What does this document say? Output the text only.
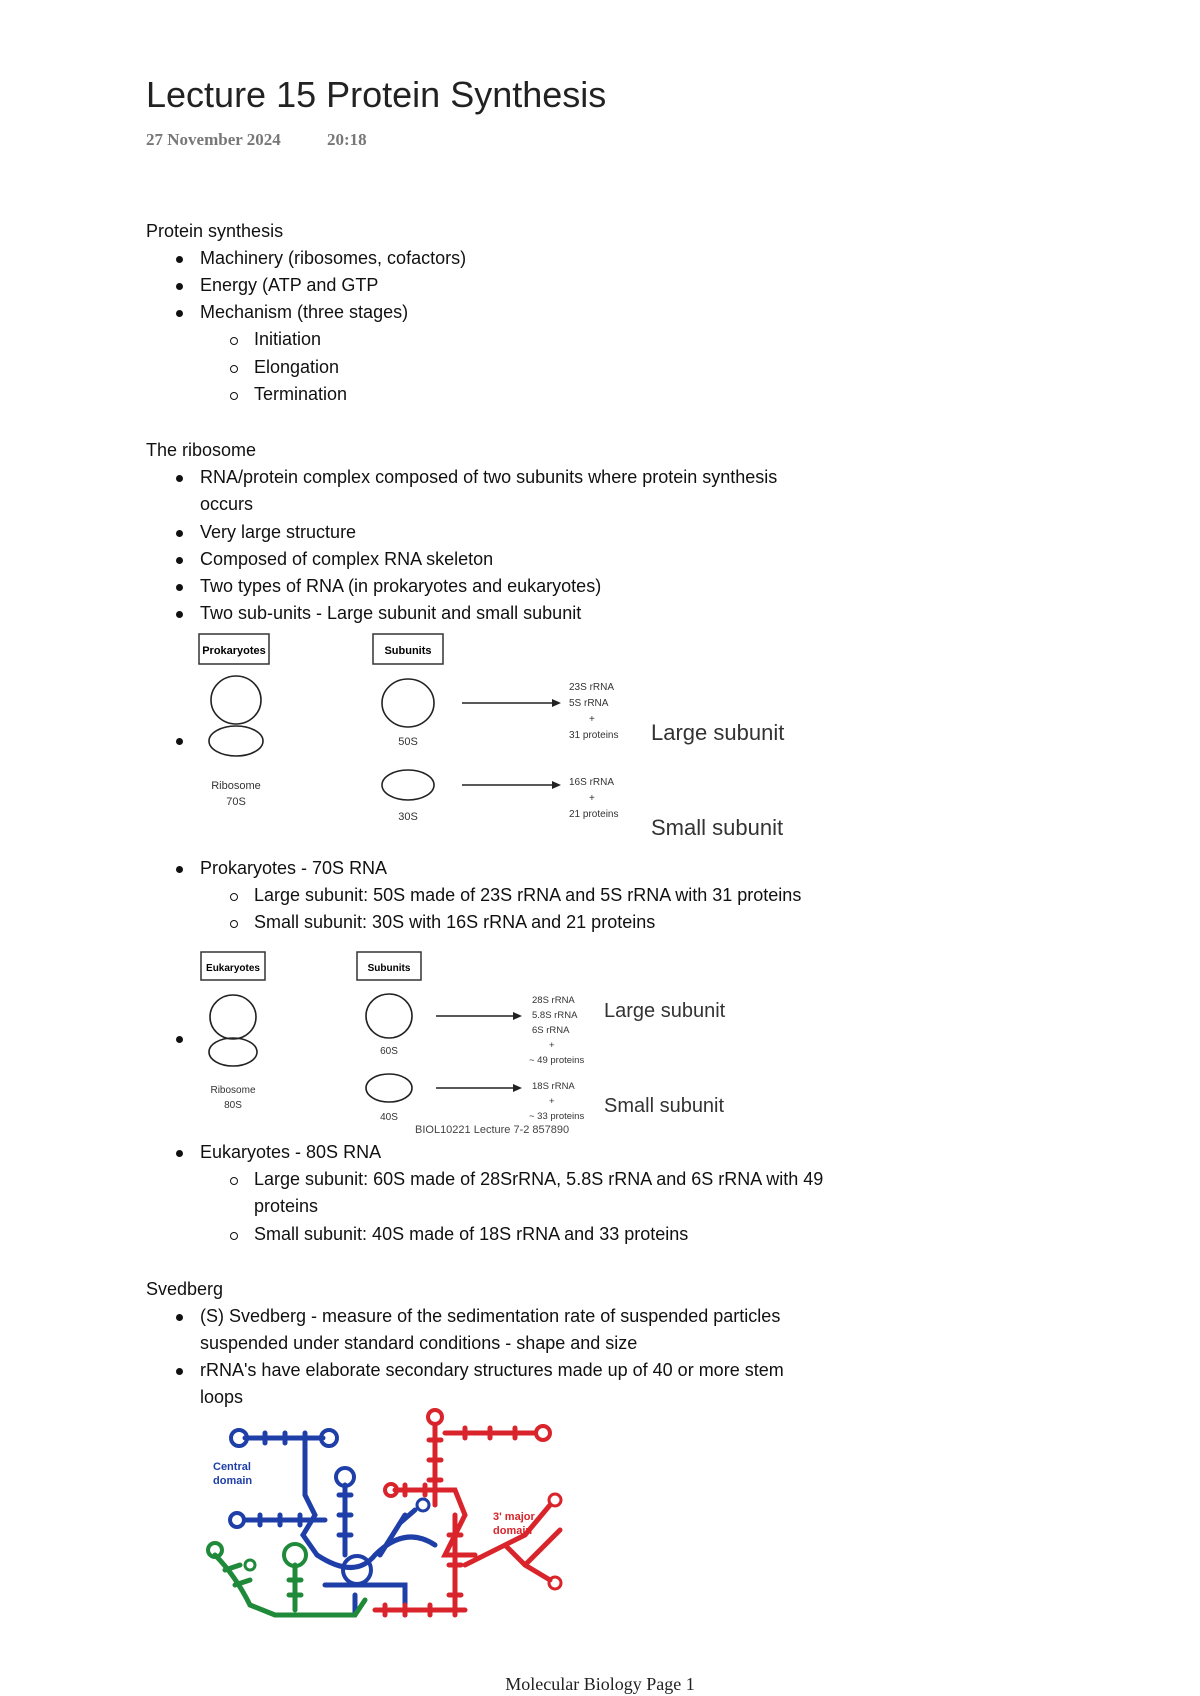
Lecture 15 Protein Synthesis
27 November 2024	20:18
Protein synthesis
Machinery (ribosomes, cofactors)
Energy (ATP and GTP
Mechanism (three stages)
Initiation
Elongation
Termination
The ribosome
RNA/protein complex composed of two subunits where protein synthesis
occurs
Very large structure
Composed of complex RNA skeleton
Two types of RNA (in prokaryotes and eukaryotes)
Two sub-units - Large subunit and small subunit
Prokaryotes	Subunits
Ribosome
70S
50S
30S
23S rRNA
5S rRNA
+
31 proteins
16S rRNA
+
21 proteins
Large subunit
Small subunit
Prokaryotes - 70S RNA
Large subunit: 50S made of 23S rRNA and 5S rRNA with 31 proteins
Small subunit: 30S with 16S rRNA and 21 proteins
Eukaryotes	Subunits
Ribosome
80S
60S
40S
28S rRNA
5.8S rRNA
6S rRNA
+
~ 49 proteins
18S rRNA
+
~ 33 proteins
Large subunit
Small subunit
BIOL10221 Lecture 7-2 857890
Eukaryotes - 80S RNA
Large subunit: 60S made of 28SrRNA, 5.8S rRNA and 6S rRNA with 49
proteins
Small subunit: 40S made of 18S rRNA and 33 proteins
Svedberg
(S) Svedberg - measure of the sedimentation rate of suspended particles
suspended under standard conditions - shape and size
rRNA's have elaborate secondary structures made up of 40 or more stem
loops
Central
domain
3' major
domain
Molecular Biology Page 1
